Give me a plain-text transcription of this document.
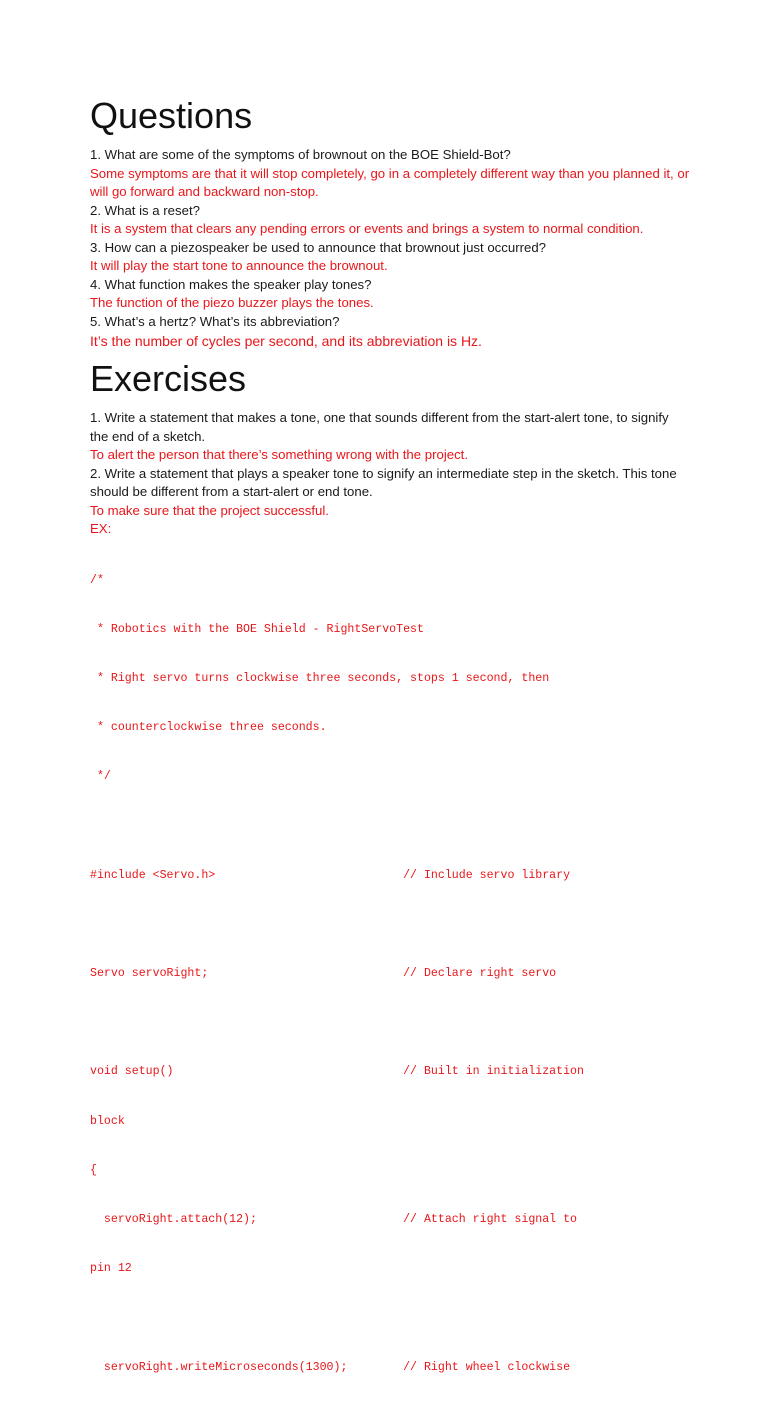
Questions
1. What are some of the symptoms of brownout on the BOE Shield-Bot?
Some symptoms are that it will stop completely, go in a completely different way than you planned it, or will go forward and backward non-stop.
2. What is a reset?
It is a system that clears any pending errors or events and brings a system to normal condition.
3. How can a piezospeaker be used to announce that brownout just occurred?
It will play the start tone to announce the brownout.
4. What function makes the speaker play tones?
The function of the piezo buzzer plays the tones.
5. What’s a hertz? What’s its abbreviation?
It’s the number of cycles per second, and its abbreviation is Hz.
Exercises
1. Write a statement that makes a tone, one that sounds different from the start-alert tone, to signify the end of a sketch.
To alert the person that there’s something wrong with the project.
2. Write a statement that plays a speaker tone to signify an intermediate step in the sketch. This tone should be different from a start-alert or end tone.
To make sure that the project successful.
EX:

/*

* Robotics with the BOE Shield - RightServoTest

* Right servo turns clockwise three seconds, stops 1 second, then

* counterclockwise three seconds.

*/

#include <Servo.h>                           // Include servo library

Servo servoRight;                            // Declare right servo

void setup()                                 // Built in initialization

block

{

servoRight.attach(12);                     // Attach right signal to

pin 12

servoRight.writeMicroseconds(1300);        // Right wheel clockwise
